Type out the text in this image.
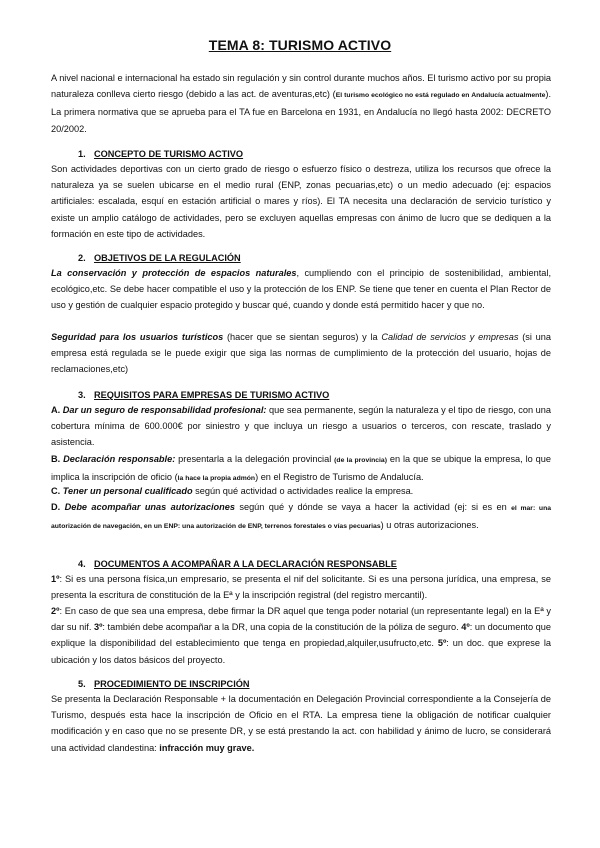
TEMA 8: TURISMO ACTIVO
A nivel nacional e internacional ha estado sin regulación y sin control durante muchos años. El turismo activo por su propia naturaleza conlleva cierto riesgo (debido a las act. de aventuras,etc) (El turismo ecológico no está regulado en Andalucía actualmente). La primera normativa que se aprueba para el TA fue en Barcelona en 1931, en Andalucía no llegó hasta 2002: DECRETO 20/2002.
1. CONCEPTO DE TURISMO ACTIVO
Son actividades deportivas con un cierto grado de riesgo o esfuerzo físico o destreza, utiliza los recursos que ofrece la naturaleza ya se suelen ubicarse en el medio rural (ENP, zonas pecuarias,etc) o un medio adecuado (ej: espacios artificiales: escalada, esquí en estación artificial o mares y ríos). El TA necesita una declaración de servicio turístico y existe un amplio catálogo de actividades, pero se excluyen aquellas empresas con ánimo de lucro que se dediquen a la formación en este tipo de actividades.
2. OBJETIVOS DE LA REGULACIÓN
La conservación y protección de espacios naturales, cumpliendo con el principio de sostenibilidad, ambiental, ecológico,etc. Se debe hacer compatible el uso y la protección de los ENP. Se tiene que tener en cuenta el Plan Rector de uso y gestión de cualquier espacio protegido y buscar qué, cuando y donde está permitido hacer y que no.
Seguridad para los usuarios turísticos (hacer que se sientan seguros) y la Calidad de servicios y empresas (si una empresa está regulada se le puede exigir que siga las normas de cumplimiento de la protección del usuario, hojas de reclamaciones,etc)
3. REQUISITOS PARA EMPRESAS DE TURISMO ACTIVO
A. Dar un seguro de responsabilidad profesional: que sea permanente, según la naturaleza y el tipo de riesgo, con una cobertura mínima de 600.000€ por siniestro y que incluya un riesgo a usuarios o terceros, con rescate, traslado y asistencia.
B. Declaración responsable: presentarla a la delegación provincial (de la provincia) en la que se ubique la empresa, lo que implica la inscripción de oficio (la hace la propia admón) en el Registro de Turismo de Andalucía.
C. Tener un personal cualificado según qué actividad o actividades realice la empresa.
D. Debe acompañar unas autorizaciones según qué y dónde se vaya a hacer la actividad (ej: si es en el mar: una autorización de navegación, en un ENP: una autorización de ENP, terrenos forestales o vías pecuarias) u otras autorizaciones.
4. DOCUMENTOS A ACOMPAÑAR A LA DECLARACIÓN RESPONSABLE
1º: Si es una persona física,un empresario, se presenta el nif del solicitante. Si es una persona jurídica, una empresa, se presenta la escritura de constitución de la Eª y la inscripción registral (del registro mercantil).
2º: En caso de que sea una empresa, debe firmar la DR aquel que tenga poder notarial (un representante legal) en la Eª y dar su nif. 3º: también debe acompañar a la DR, una copia de la constitución de la póliza de seguro. 4º: un documento que explique la disponibilidad del establecimiento que tenga en propiedad,alquiler,usufructo,etc. 5º: un doc. que exprese la ubicación y los datos básicos del proyecto.
5. PROCEDIMIENTO DE INSCRIPCIÓN
Se presenta la Declaración Responsable + la documentación en Delegación Provincial correspondiente a la Consejería de Turismo, después esta hace la inscripción de Oficio en el RTA. La empresa tiene la obligación de notificar cualquier modificación y en caso que no se presente DR, y se está prestando la act. con habilidad y ánimo de lucro, se considerará una actividad clandestina: infracción muy grave.
